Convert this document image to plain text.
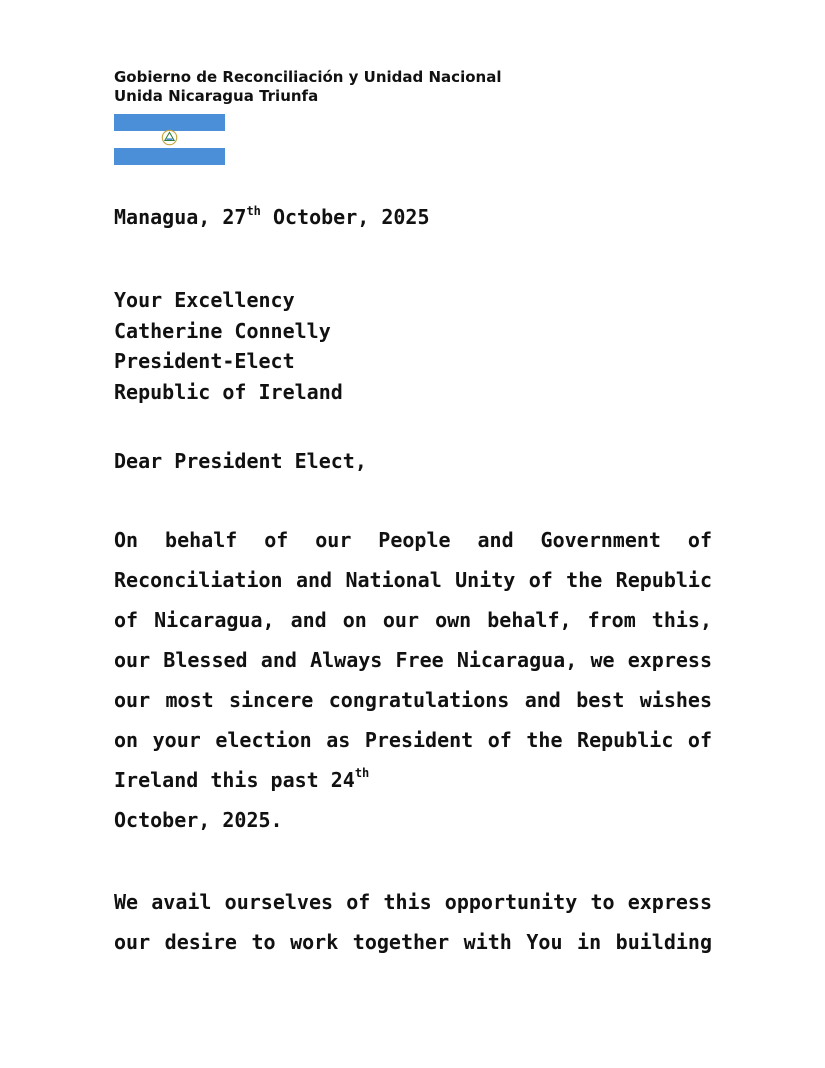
Gobierno de Reconciliación y Unidad Nacional
Unida Nicaragua Triunfa
Managua, 27th October, 2025
Your Excellency
Catherine Connelly
President-Elect
Republic of Ireland
Dear President Elect,
On behalf of our People and Government of Reconciliation and National Unity of the Republic of Nicaragua, and on our own behalf, from this, our Blessed and Always Free Nicaragua, we express our most sincere congratulations and best wishes on your election as President of the Republic of Ireland this past 24th
October, 2025.
We avail ourselves of this opportunity to express our desire to work together with You in building
